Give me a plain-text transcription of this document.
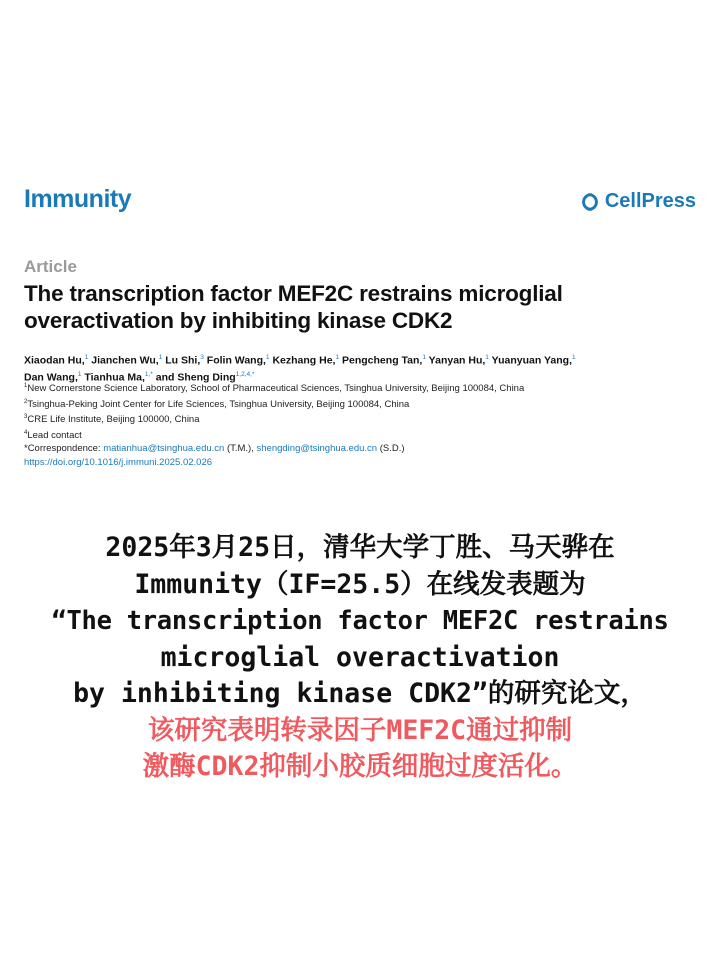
Immunity	CellPress
Article
The transcription factor MEF2C restrains microglial
overactivation by inhibiting kinase CDK2
Xiaodan Hu,$^1$ Jianchen Wu,$^1$ Lu Shi,$^3$ Folin Wang,$^1$ Kezhang He,$^1$ Pengcheng Tan,$^1$ Yanyan Hu,$^1$ Yuanyuan Yang,$^1$
Dan Wang,$^1$ Tianhua Ma,$^{1,*}$ and Sheng Ding$^{1,2,4,*}$
$^1$New Cornerstone Science Laboratory, School of Pharmaceutical Sciences, Tsinghua University, Beijing 100084, China
$^2$Tsinghua-Peking Joint Center for Life Sciences, Tsinghua University, Beijing 100084, China
$^3$CRE Life Institute, Beijing 100000, China
$^4$Lead contact
*Correspondence: matianhua@tsinghua.edu.cn (T.M.), shengding@tsinghua.edu.cn (S.D.)
https://doi.org/10.1016/j.immuni.2025.02.026
2025年3月25日，清华大学丁胜、马天骅在
Immunity（IF=25.5）在线发表题为
“The transcription factor MEF2C restrains
microglial overactivation
by inhibiting kinase CDK2”的研究论文，
该研究表明转录因子MEF2C通过抑制
激酶CDK2抑制小胶质细胞过度活化。
